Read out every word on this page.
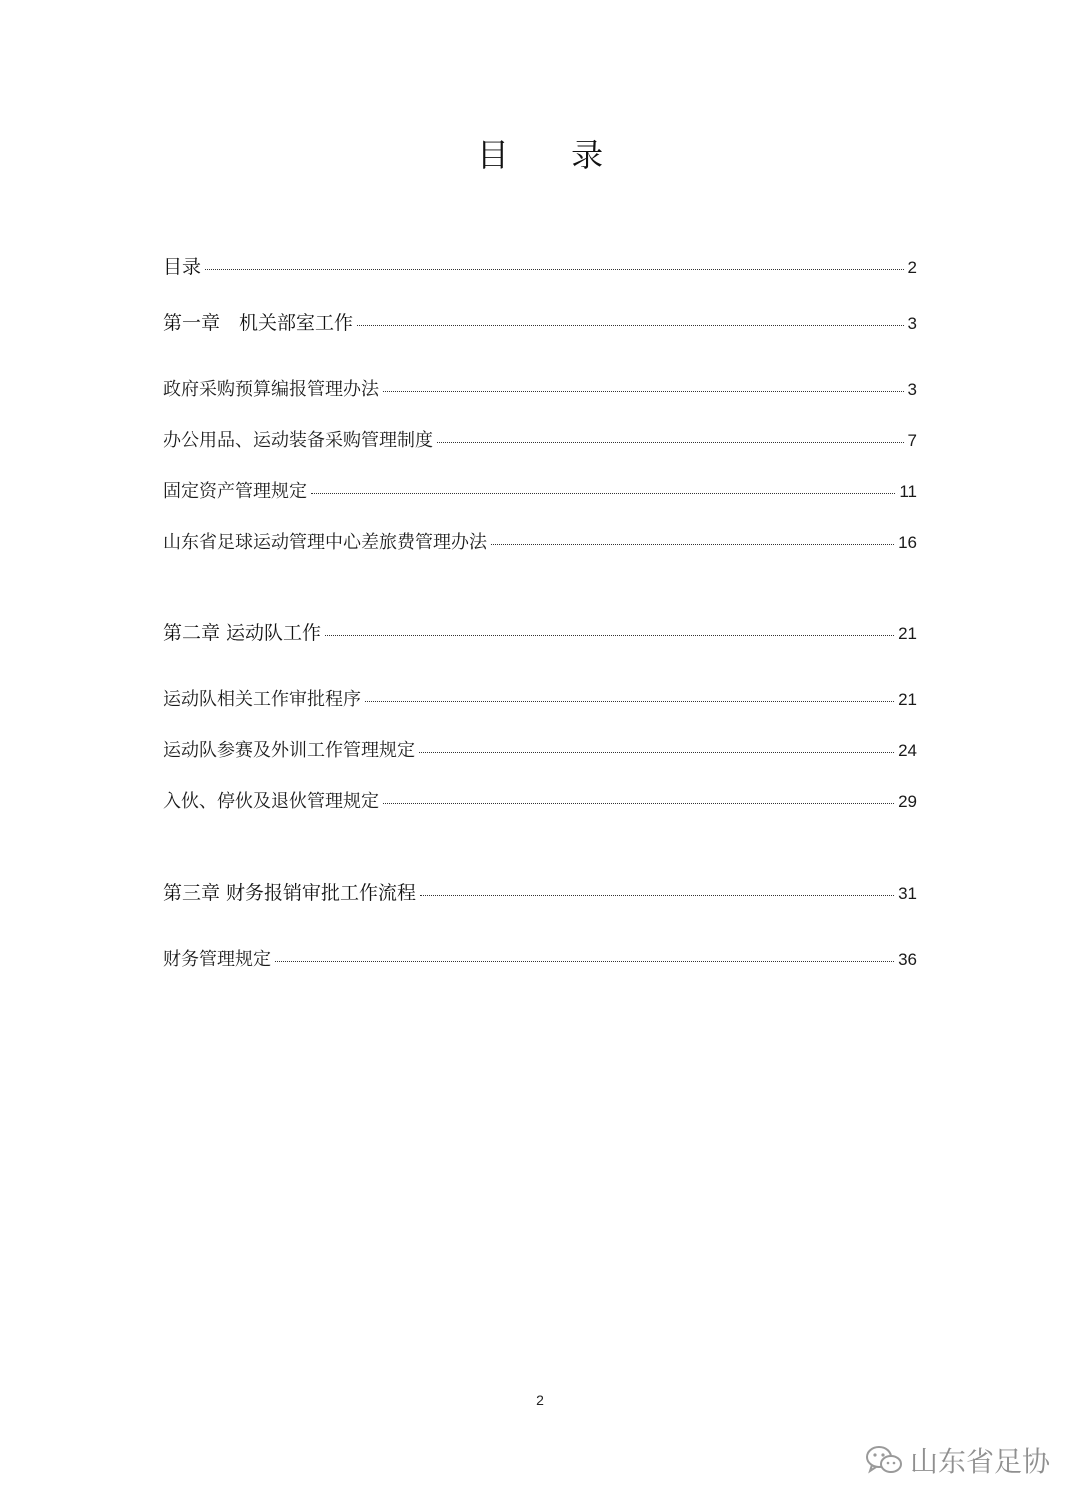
目 录
目录	2
第一章　机关部室工作	3
政府采购预算编报管理办法	3
办公用品、运动装备采购管理制度	7
固定资产管理规定	11
山东省足球运动管理中心差旅费管理办法	16
第二章 运动队工作	21
运动队相关工作审批程序	21
运动队参赛及外训工作管理规定	24
入伙、停伙及退伙管理规定	29
第三章 财务报销审批工作流程	31
财务管理规定	36
2
山东省足协
